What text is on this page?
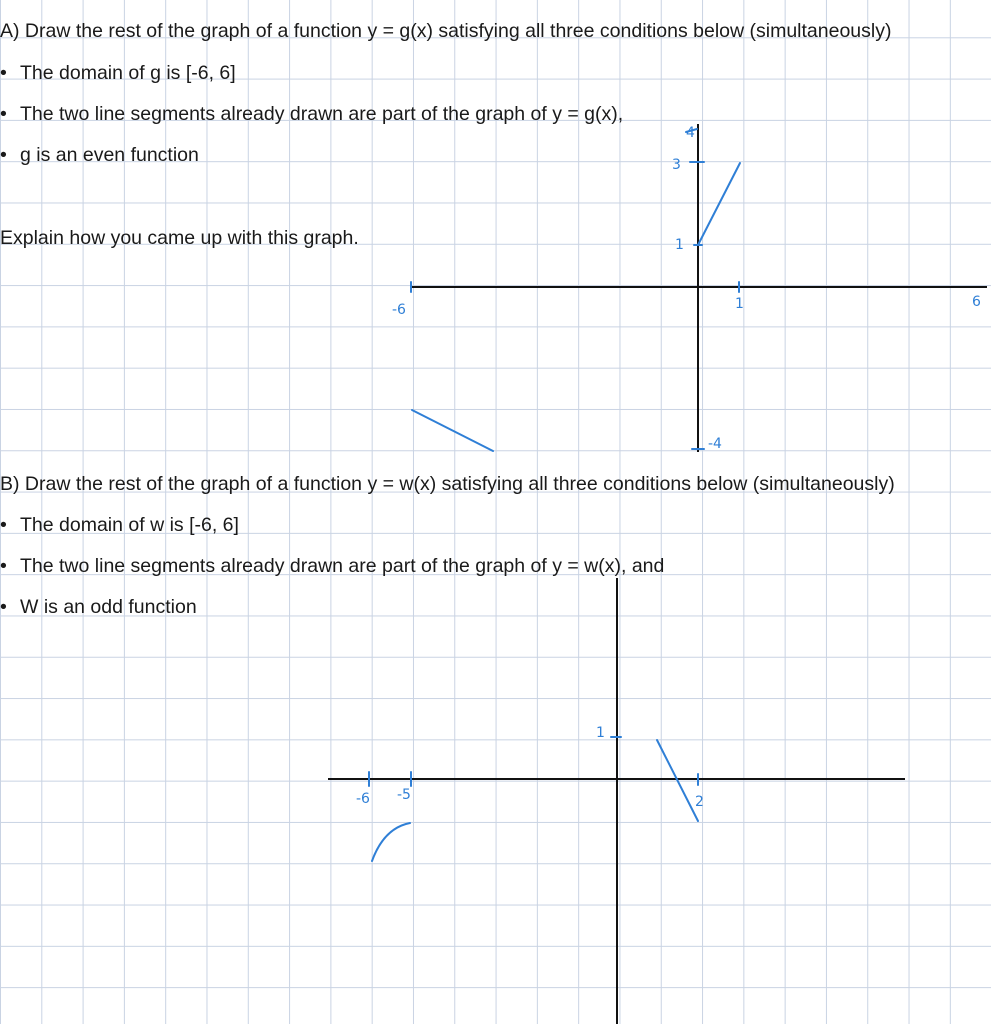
A) Draw the rest of the graph of a function y = g(x) satisfying all three conditions below (simultaneously)
• The domain of g is [-6, 6]
• The two line segments already drawn are part of the graph of y = g(x),
• g is an even function
Explain how you came up with this graph.
B) Draw the rest of the graph of a function y = w(x) satisfying all three conditions below (simultaneously)
• The domain of w is [-6, 6]
• The two line segments already drawn are part of the graph of y = w(x), and
• W is an odd function
4
3
1
-4
-6	1	6
1
-6 -5	2
